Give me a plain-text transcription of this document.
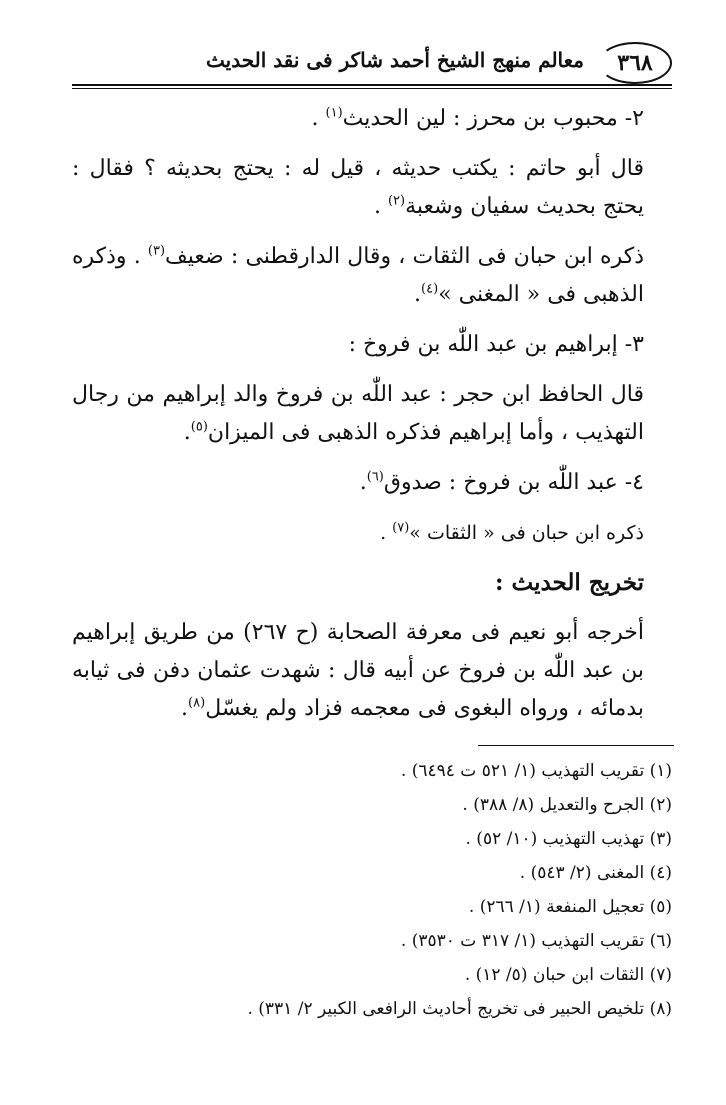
٣٦٨
معالم منهج الشيخ أحمد شاكر فى نقد الحديث

٢- محبوب بن محرز : لين الحديث$^{(١)}$ .

قال أبو حاتم : يكتب حديثه ، قيل له : يحتج بحديثه ؟ فقال : يحتج بحديث سفيان وشعبة$^{(٢)}$ .

ذكره ابن حبان فى الثقات ، وقال الدارقطنى : ضعيف$^{(٣)}$ . وذكره الذهبى فى « المغنى »$^{(٤)}$.

٣- إبراهيم بن عبد اللّٰه بن فروخ :

قال الحافظ ابن حجر : عبد اللّٰه بن فروخ والد إبراهيم من رجال التهذيب ، وأما إبراهيم فذكره الذهبى فى الميزان$^{(٥)}$.

٤- عبد اللّٰه بن فروخ : صدوق$^{(٦)}$.

ذكره ابن حبان فى « الثقات »$^{(٧)}$ .

تخريج الحديث :

أخرجه أبو نعيم فى معرفة الصحابة (ح ٢٦٧) من طريق إبراهيم بن عبد اللّٰه بن فروخ عن أبيه قال : شهدت عثمان دفن فى ثيابه بدمائه ، ورواه البغوى فى معجمه فزاد ولم يغسّل$^{(٨)}$.

(١) تقريب التهذيب (١/ ٥٢١ ت ٦٤٩٤) .
(٢) الجرح والتعديل (٨/ ٣٨٨) .
(٣) تهذيب التهذيب (١٠/ ٥٢) .
(٤) المغنى (٢/ ٥٤٣) .
(٥) تعجيل المنفعة (١/ ٢٦٦) .
(٦) تقريب التهذيب (١/ ٣١٧ ت ٣٥٣٠) .
(٧) الثقات ابن حبان (٥/ ١٢) .
(٨) تلخيص الحبير فى تخريج أحاديث الرافعى الكبير ٢/ ٣٣١) .
